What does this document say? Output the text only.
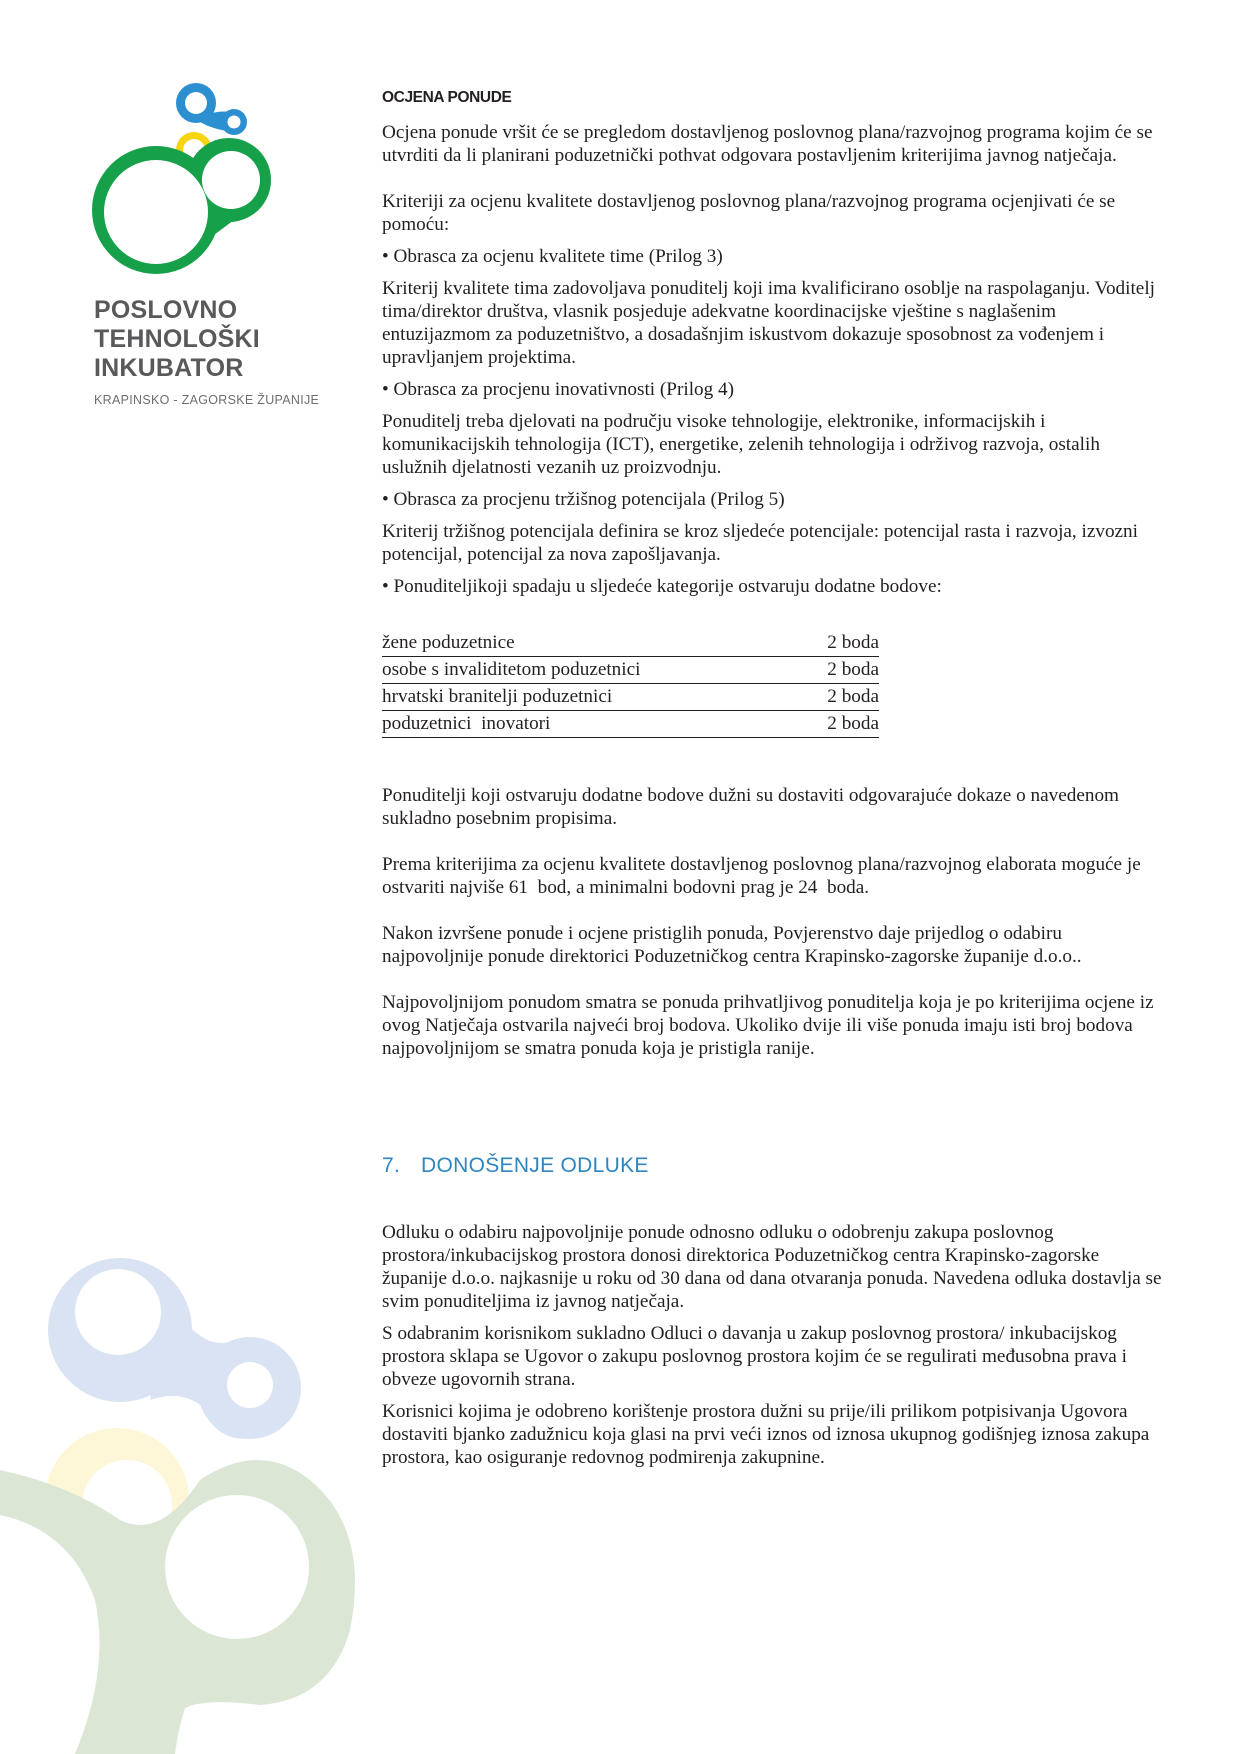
POSLOVNO
TEHNOLOŠKI
INKUBATOR
KRAPINSKO - ZAGORSKE ŽUPANIJE

OCJENA PONUDE

Ocjena ponude vršit će se pregledom dostavljenog poslovnog plana/razvojnog programa kojim će se utvrditi da li planirani poduzetnički pothvat odgovara postavljenim kriterijima javnog natječaja.

Kriteriji za ocjenu kvalitete dostavljenog poslovnog plana/razvojnog programa ocjenjivati će se pomoću:

• Obrasca za ocjenu kvalitete time (Prilog 3)

Kriterij kvalitete tima zadovoljava ponuditelj koji ima kvalificirano osoblje na raspolaganju. Voditelj tima/direktor društva, vlasnik posjeduje adekvatne koordinacijske vještine s naglašenim entuzijazmom za poduzetništvo, a dosadašnjim iskustvom dokazuje sposobnost za vođenjem i upravljanjem projektima.

• Obrasca za procjenu inovativnosti (Prilog 4)

Ponuditelj treba djelovati na području visoke tehnologije, elektronike, informacijskih i komunikacijskih tehnologija (ICT), energetike, zelenih tehnologija i održivog razvoja, ostalih uslužnih djelatnosti vezanih uz proizvodnju.

• Obrasca za procjenu tržišnog potencijala (Prilog 5)

Kriterij tržišnog potencijala definira se kroz sljedeće potencijale: potencijal rasta i razvoja, izvozni potencijal, potencijal za nova zapošljavanja.

• Ponuditeljikoji spadaju u sljedeće kategorije ostvaruju dodatne bodove:

žene poduzetnice	2 boda
osobe s invaliditetom poduzetnici	2 boda
hrvatski branitelji poduzetnici	2 boda
poduzetnici  inovatori	2 boda

Ponuditelji koji ostvaruju dodatne bodove dužni su dostaviti odgovarajuće dokaze o navedenom sukladno posebnim propisima.

Prema kriterijima za ocjenu kvalitete dostavljenog poslovnog plana/razvojnog elaborata moguće je ostvariti najviše 61  bod, a minimalni bodovni prag je 24  boda.

Nakon izvršene ponude i ocjene pristiglih ponuda, Povjerenstvo daje prijedlog o odabiru najpovoljnije ponude direktorici Poduzetničkog centra Krapinsko-zagorske županije d.o.o..

Najpovoljnijom ponudom smatra se ponuda prihvatljivog ponuditelja koja je po kriterijima ocjene iz ovog Natječaja ostvarila najveći broj bodova. Ukoliko dvije ili više ponuda imaju isti broj bodova najpovoljnijom se smatra ponuda koja je pristigla ranije.

7. DONOŠENJE ODLUKE

Odluku o odabiru najpovoljnije ponude odnosno odluku o odobrenju zakupa poslovnog prostora/inkubacijskog prostora donosi direktorica Poduzetničkog centra Krapinsko-zagorske županije d.o.o. najkasnije u roku od 30 dana od dana otvaranja ponuda. Navedena odluka dostavlja se svim ponuditeljima iz javnog natječaja.

S odabranim korisnikom sukladno Odluci o davanja u zakup poslovnog prostora/ inkubacijskog prostora sklapa se Ugovor o zakupu poslovnog prostora kojim će se regulirati međusobna prava i obveze ugovornih strana.

Korisnici kojima je odobreno korištenje prostora dužni su prije/ili prilikom potpisivanja Ugovora dostaviti bjanko zadužnicu koja glasi na prvi veći iznos od iznosa ukupnog godišnjeg iznosa zakupa prostora, kao osiguranje redovnog podmirenja zakupnine.
